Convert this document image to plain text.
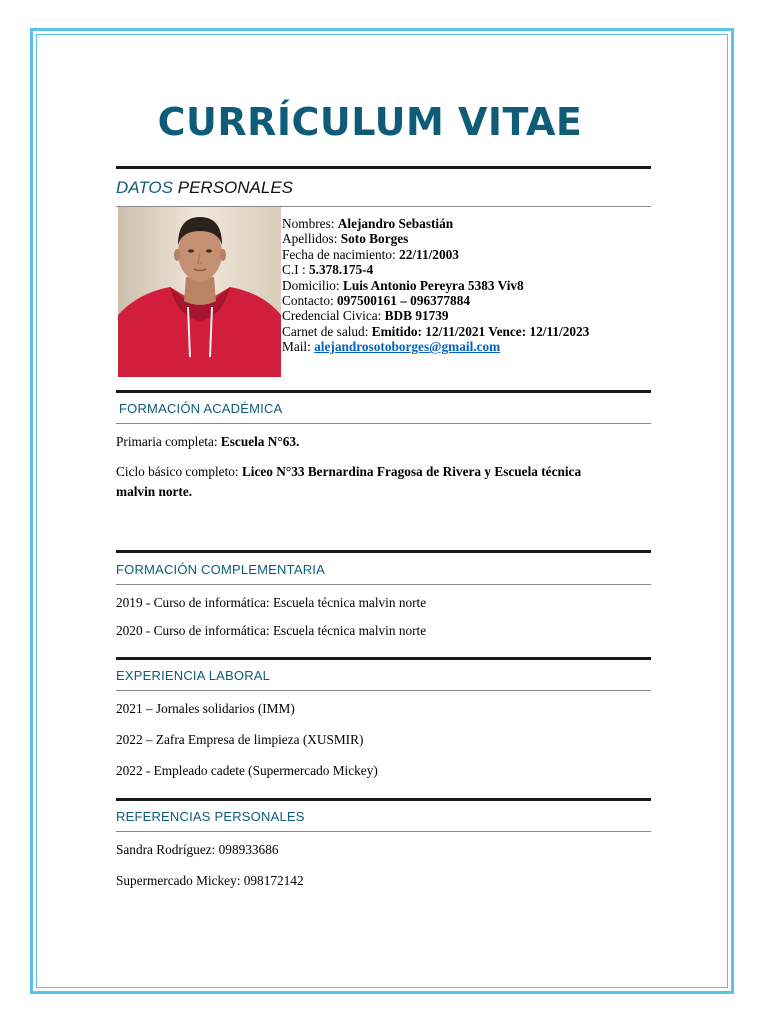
CURRÍCULUM VITAE
DATOS PERSONALES
Nombres: Alejandro Sebastián
Apellidos: Soto Borges
Fecha de nacimiento: 22/11/2003
C.I : 5.378.175-4
Domicilio: Luis Antonio Pereyra 5383 Viv8
Contacto: 097500161 – 096377884
Credencial Civica: BDB 91739
Carnet de salud: Emitido: 12/11/2021 Vence: 12/11/2023
Mail: alejandrosotoborges@gmail.com
FORMACIÓN ACADÉMICA
Primaria completa: Escuela N°63.
Ciclo básico completo: Liceo N°33 Bernardina Fragosa de Rivera y Escuela técnica
malvin norte.
FORMACIÓN COMPLEMENTARIA
2019 - Curso de informática: Escuela técnica malvin norte
2020 - Curso de informática: Escuela técnica malvin norte
EXPERIENCIA LABORAL
2021 – Jornales solidarios (IMM)
2022 – Zafra Empresa de limpieza (XUSMIR)
2022 - Empleado cadete (Supermercado Mickey)
REFERENCIAS PERSONALES
Sandra Rodríguez: 098933686
Supermercado Mickey: 098172142
